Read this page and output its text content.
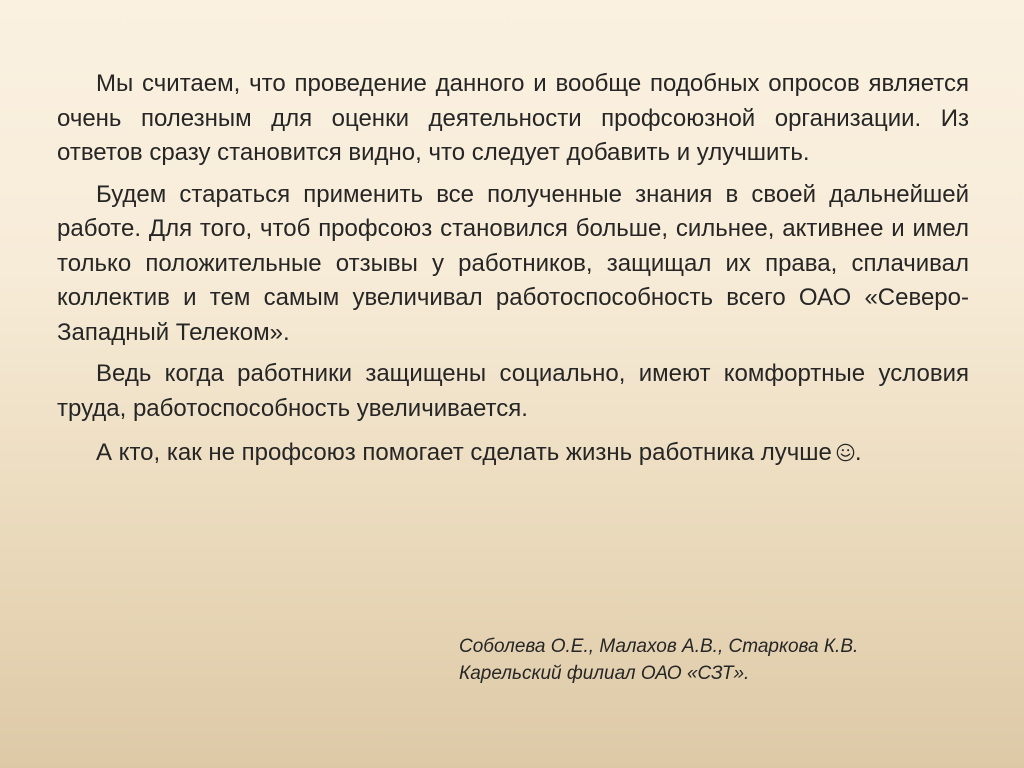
Мы считаем, что проведение данного и вообще подобных опросов является очень полезным для оценки деятельности профсоюзной организации. Из ответов сразу становится видно, что следует добавить и улучшить.

Будем стараться применить все полученные знания в своей дальнейшей работе. Для того, чтоб профсоюз становился больше, сильнее, активнее и имел только положительные отзывы у работников, защищал их права, сплачивал коллектив и тем самым увеличивал работоспособность всего ОАО «Северо-Западный Телеком».

Ведь когда работники защищены социально, имеют комфортные условия труда, работоспособность увеличивается.

А кто, как не профсоюз помогает сделать жизнь работника лучше .

Соболева О.Е., Малахов А.В., Старкова К.В.
Карельский филиал ОАО «СЗТ».
